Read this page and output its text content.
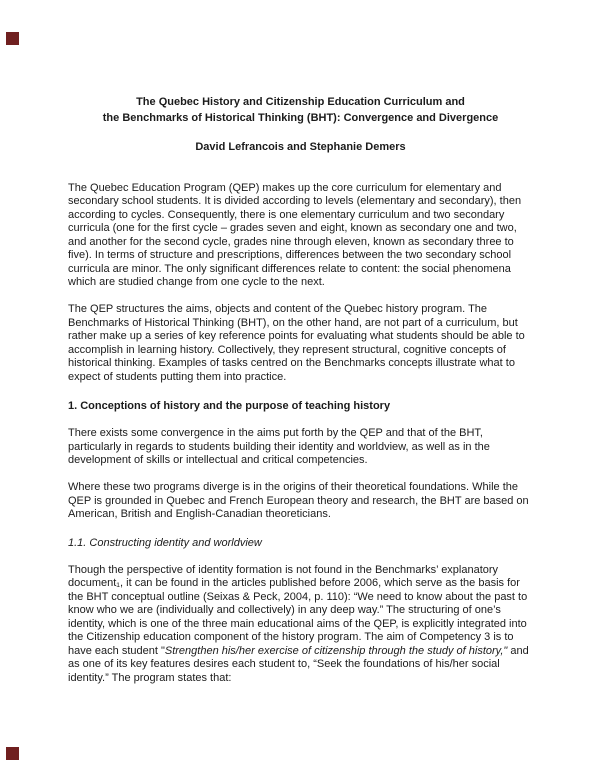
The Quebec History and Citizenship Education Curriculum and
the Benchmarks of Historical Thinking (BHT): Convergence and Divergence
David Lefrancois and Stephanie Demers

The Quebec Education Program (QEP) makes up the core curriculum for elementary and secondary school students. It is divided according to levels (elementary and secondary), then according to cycles. Consequently, there is one elementary curriculum and two secondary curricula (one for the first cycle – grades seven and eight, known as secondary one and two, and another for the second cycle, grades nine through eleven, known as secondary three to five). In terms of structure and prescriptions, differences between the two secondary school curricula are minor. The only significant differences relate to content: the social phenomena which are studied change from one cycle to the next.

The QEP structures the aims, objects and content of the Quebec history program. The Benchmarks of Historical Thinking (BHT), on the other hand, are not part of a curriculum, but rather make up a series of key reference points for evaluating what students should be able to accomplish in learning history. Collectively, they represent structural, cognitive concepts of historical thinking. Examples of tasks centred on the Benchmarks concepts illustrate what to expect of students putting them into practice.

1. Conceptions of history and the purpose of teaching history

There exists some convergence in the aims put forth by the QEP and that of the BHT, particularly in regards to students building their identity and worldview, as well as in the development of skills or intellectual and critical competencies.

Where these two programs diverge is in the origins of their theoretical foundations. While the QEP is grounded in Quebec and French European theory and research, the BHT are based on American, British and English-Canadian theoreticians.

1.1. Constructing identity and worldview

Though the perspective of identity formation is not found in the Benchmarks’ explanatory document₁, it can be found in the articles published before 2006, which serve as the basis for the BHT conceptual outline (Seixas & Peck, 2004, p. 110): “We need to know about the past to know who we are (individually and collectively) in any deep way.” The structuring of one’s identity, which is one of the three main educational aims of the QEP, is explicitly integrated into the Citizenship education component of the history program. The aim of Competency 3 is to have each student "Strengthen his/her exercise of citizenship through the study of history," and as one of its key features desires each student to, “Seek the foundations of his/her social identity.” The program states that:
